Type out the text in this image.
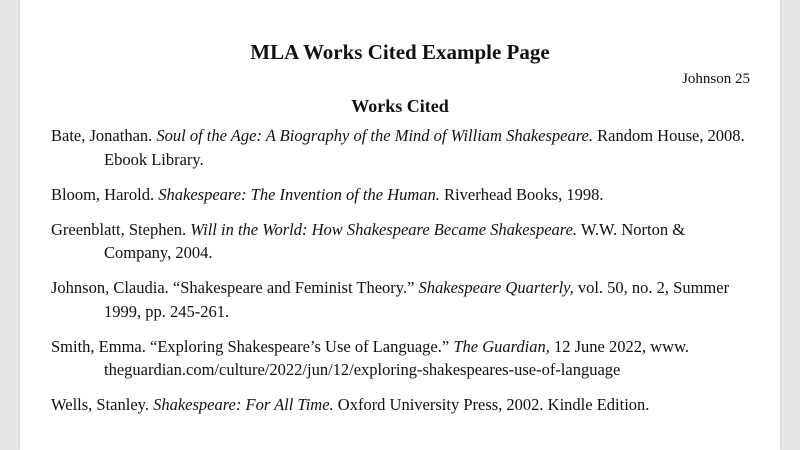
MLA Works Cited Example Page
Johnson 25
Works Cited

Bate, Jonathan. Soul of the Age: A Biography of the Mind of William Shakespeare. Random House, 2008. Ebook Library.

Bloom, Harold. Shakespeare: The Invention of the Human. Riverhead Books, 1998.

Greenblatt, Stephen. Will in the World: How Shakespeare Became Shakespeare. W.W. Norton & Company, 2004.

Johnson, Claudia. “Shakespeare and Feminist Theory.” Shakespeare Quarterly, vol. 50, no. 2, Summer 1999, pp. 245-261.

Smith, Emma. “Exploring Shakespeare’s Use of Language.” The Guardian, 12 June 2022, www. theguardian.com/culture/2022/jun/12/exploring-shakespeares-use-of-language

Wells, Stanley. Shakespeare: For All Time. Oxford University Press, 2002. Kindle Edition.
